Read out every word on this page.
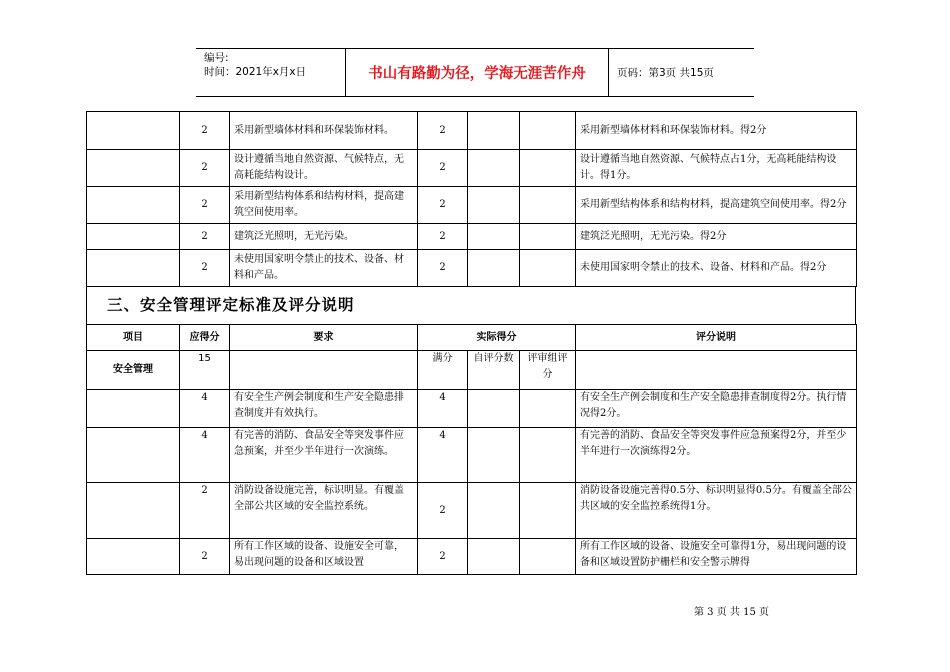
编号:
时间：2021年x月x日	书山有路勤为径，学海无涯苦作舟	页码：第3页 共15页
	2	采用新型墙体材料和环保装饰材料。	2			采用新型墙体材料和环保装饰材料。得2分
	2	设计遵循当地自然资源、气候特点，无高耗能结构设计。	2			设计遵循当地自然资源、气候特点占1分，无高耗能结构设计。得1分。
	2	采用新型结构体系和结构材料，提高建筑空间使用率。	2			采用新型结构体系和结构材料，提高建筑空间使用率。得2分
	2	建筑泛光照明，无光污染。	2			建筑泛光照明，无光污染。得2分
	2	未使用国家明令禁止的技术、设备、材料和产品。	2			未使用国家明令禁止的技术、设备、材料和产品。得2分
三、安全管理评定标准及评分说明
项目	应得分	要求	实际得分			评分说明
安全管理	15		满分	自评分数	评审组评分	
	4	有安全生产例会制度和生产安全隐患排查制度并有效执行。	4			有安全生产例会制度和生产安全隐患排查制度得2分。执行情况得2分。
	4	有完善的消防、食品安全等突发事件应急预案，并至少半年进行一次演练。	4			有完善的消防、食品安全等突发事件应急预案得2分，并至少半年进行一次演练得2分。
	2	消防设备设施完善，标识明显。有覆盖全部公共区域的安全监控系统。	2			消防设备设施完善得0.5分、标识明显得0.5分。有覆盖全部公共区域的安全监控系统得1分。
	2	所有工作区域的设备、设施安全可靠，易出现问题的设备和区域设置	2			所有工作区域的设备、设施安全可靠得1分，易出现问题的设备和区域设置防护栅栏和安全警示牌得
第 3 页 共 15 页
